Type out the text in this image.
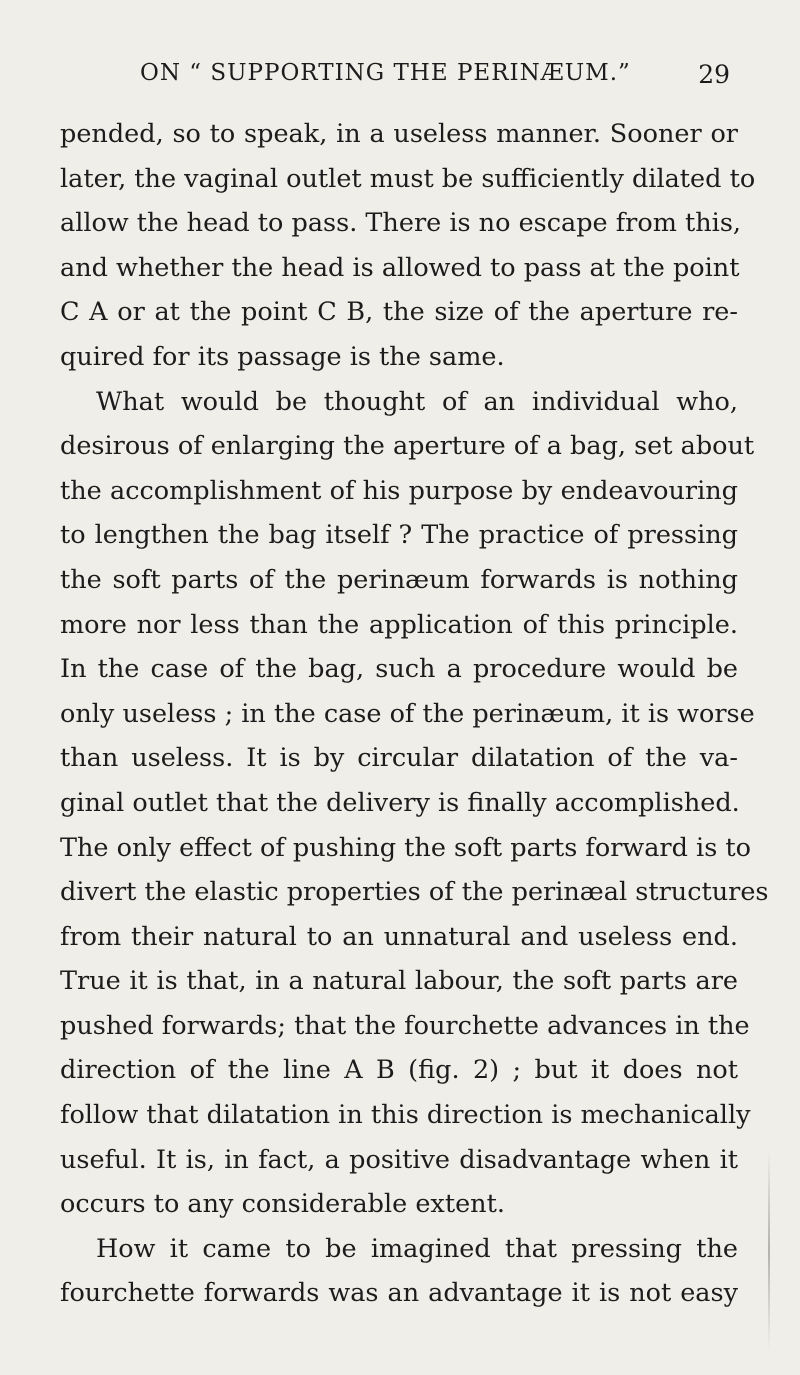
ON “ SUPPORTING THE PERINÆUM.”	29
pended, so to speak, in a useless manner. Sooner or
later, the vaginal outlet must be sufficiently dilated to
allow the head to pass. There is no escape from this,
and whether the head is allowed to pass at the point
C A or at the point C B, the size of the aperture re-
quired for its passage is the same.
What would be thought of an individual who,
desirous of enlarging the aperture of a bag, set about
the accomplishment of his purpose by endeavouring
to lengthen the bag itself ? The practice of pressing
the soft parts of the perinæum forwards is nothing
more nor less than the application of this principle.
In the case of the bag, such a procedure would be
only useless ; in the case of the perinæum, it is worse
than useless. It is by circular dilatation of the va-
ginal outlet that the delivery is finally accomplished.
The only effect of pushing the soft parts forward is to
divert the elastic properties of the perinæal structures
from their natural to an unnatural and useless end.
True it is that, in a natural labour, the soft parts are
pushed forwards; that the fourchette advances in the
direction of the line A B (fig. 2) ; but it does not
follow that dilatation in this direction is mechanically
useful. It is, in fact, a positive disadvantage when it
occurs to any considerable extent.
How it came to be imagined that pressing the
fourchette forwards was an advantage it is not easy
